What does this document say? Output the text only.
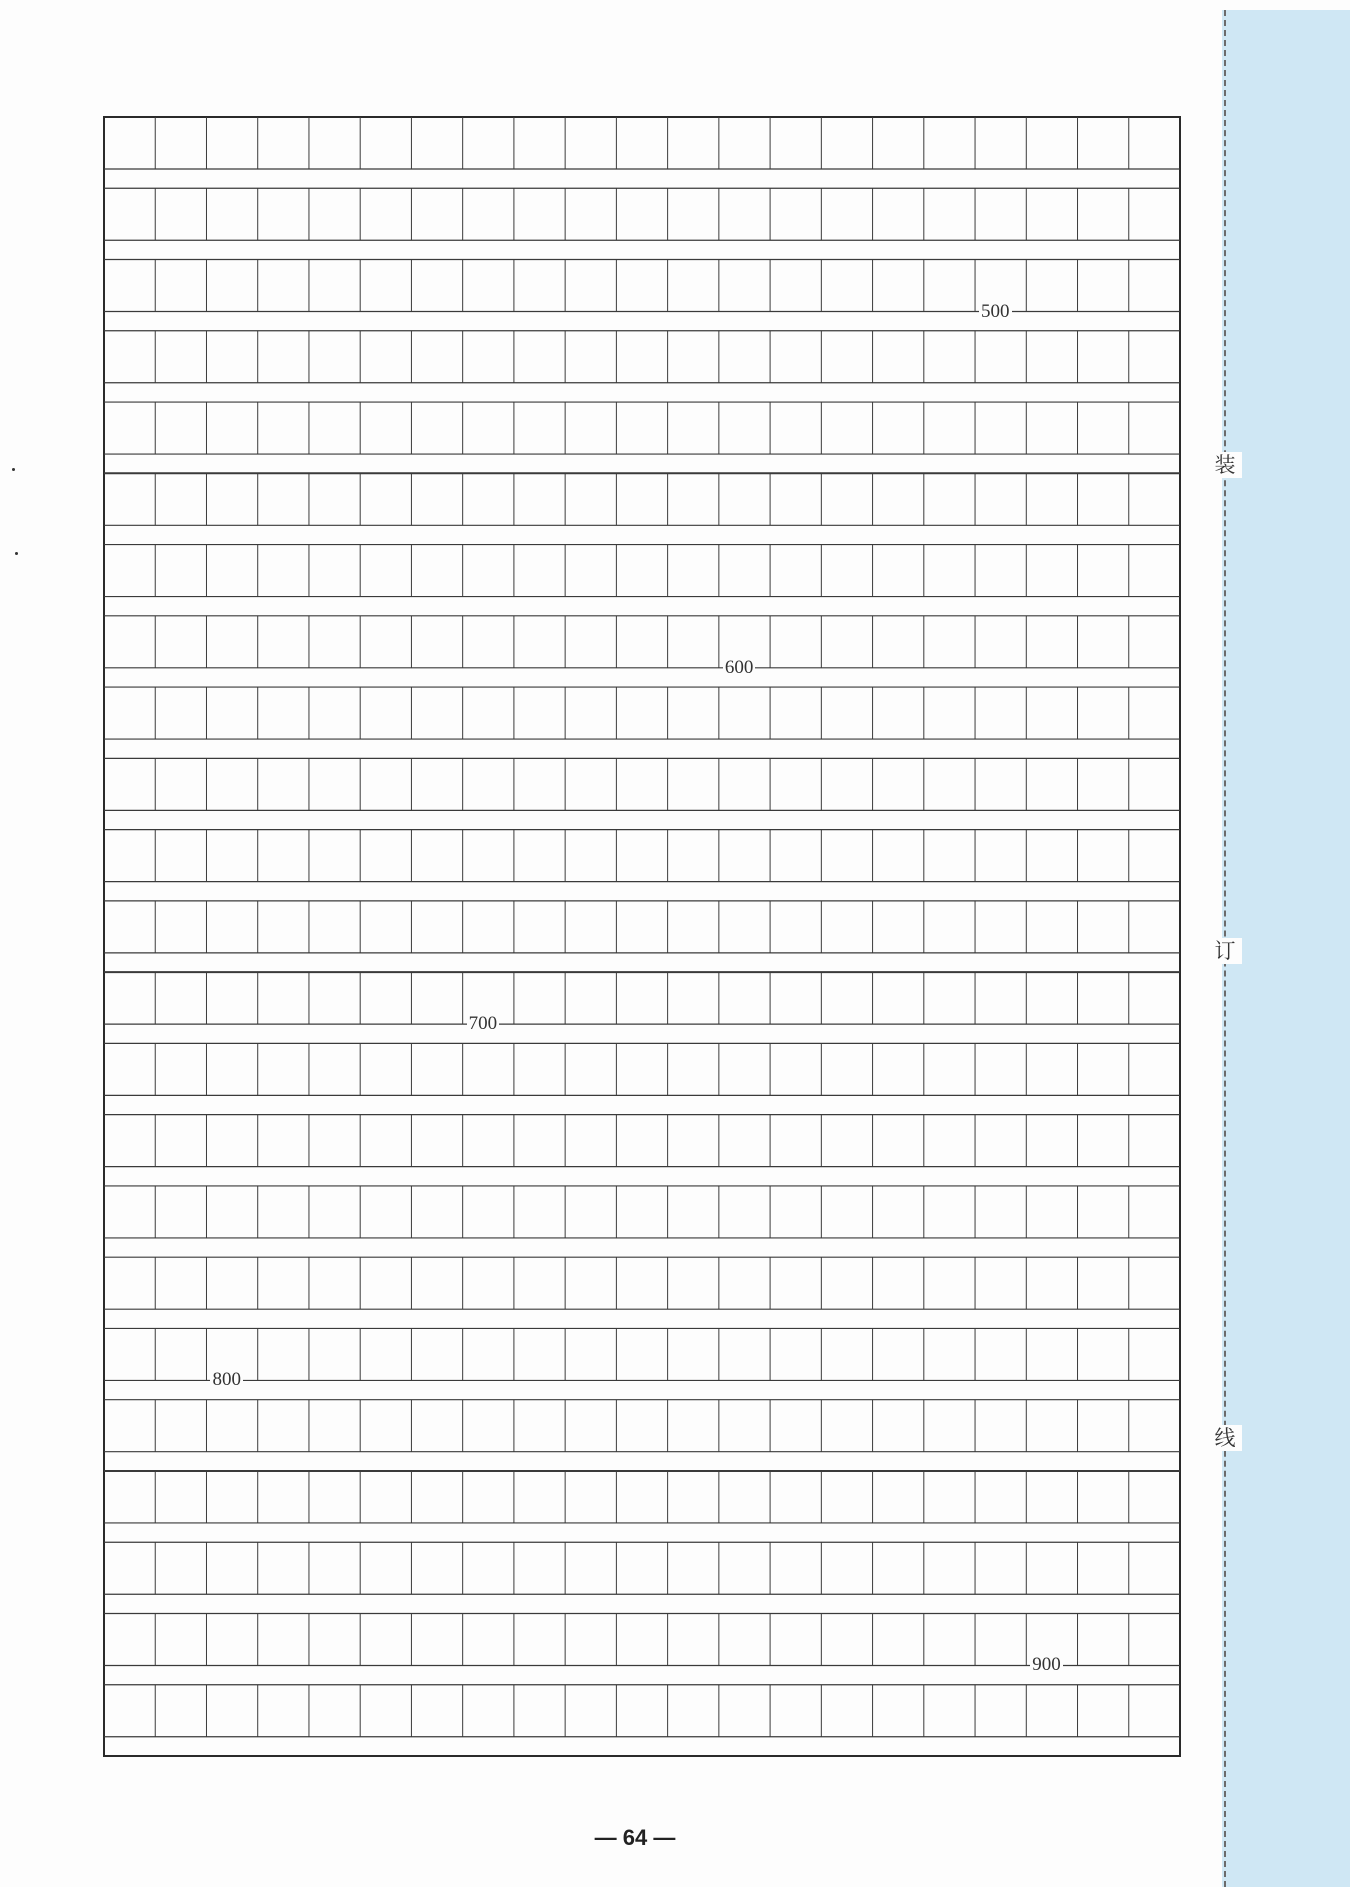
装
订
线
500
600
700
800
900
— 64 —
